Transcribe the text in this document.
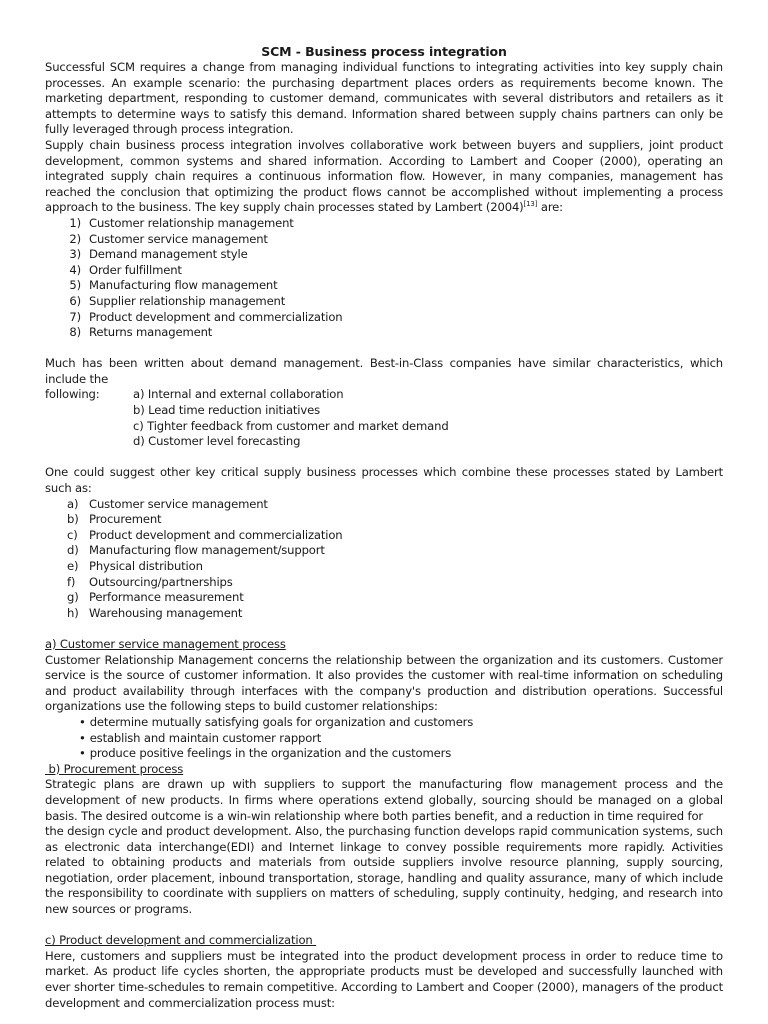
SCM - Business process integration

Successful SCM requires a change from managing individual functions to integrating activities into key supply chain processes. An example scenario: the purchasing department places orders as requirements become known. The marketing department, responding to customer demand, communicates with several distributors and retailers as it attempts to determine ways to satisfy this demand. Information shared between supply chains partners can only be fully leveraged through process integration.

Supply chain business process integration involves collaborative work between buyers and suppliers, joint product development, common systems and shared information. According to Lambert and Cooper (2000), operating an integrated supply chain requires a continuous information flow. However, in many companies, management has reached the conclusion that optimizing the product flows cannot be accomplished without implementing a process approach to the business. The key supply chain processes stated by Lambert (2004)[13] are:

1) Customer relationship management
2) Customer service management
3) Demand management style
4) Order fulfillment
5) Manufacturing flow management
6) Supplier relationship management
7) Product development and commercialization
8) Returns management

Much has been written about demand management. Best-in-Class companies have similar characteristics, which include the

following:	a) Internal and external collaboration
b) Lead time reduction initiatives
c) Tighter feedback from customer and market demand
d) Customer level forecasting

One could suggest other key critical supply business processes which combine these processes stated by Lambert such as:

a) Customer service management
b) Procurement
c) Product development and commercialization
d) Manufacturing flow management/support
e) Physical distribution
f)	Outsourcing/partnerships
g) Performance measurement
h) Warehousing management
a) Customer service management process

Customer Relationship Management concerns the relationship between the organization and its customers. Customer service is the source of customer information. It also provides the customer with real-time information on scheduling and product availability through interfaces with the company's production and distribution operations. Successful organizations use the following steps to build customer relationships:

• determine mutually satisfying goals for organization and customers
• establish and maintain customer rapport
• produce positive feelings in the organization and the customers
b) Procurement process

Strategic plans are drawn up with suppliers to support the manufacturing flow management process and the development of new products. In firms where operations extend globally, sourcing should be managed on a global basis. The desired outcome is a win-win relationship where both parties benefit, and a reduction in time required for

the design cycle and product development. Also, the purchasing function develops rapid communication systems, such as electronic data interchange(EDI) and Internet linkage to convey possible requirements more rapidly. Activities related to obtaining products and materials from outside suppliers involve resource planning, supply sourcing, negotiation, order placement, inbound transportation, storage, handling and quality assurance, many of which include the responsibility to coordinate with suppliers on matters of scheduling, supply continuity, hedging, and research into new sources or programs.

c) Product development and commercialization

Here, customers and suppliers must be integrated into the product development process in order to reduce time to market. As product life cycles shorten, the appropriate products must be developed and successfully launched with ever shorter time-schedules to remain competitive. According to Lambert and Cooper (2000), managers of the product development and commercialization process must:
